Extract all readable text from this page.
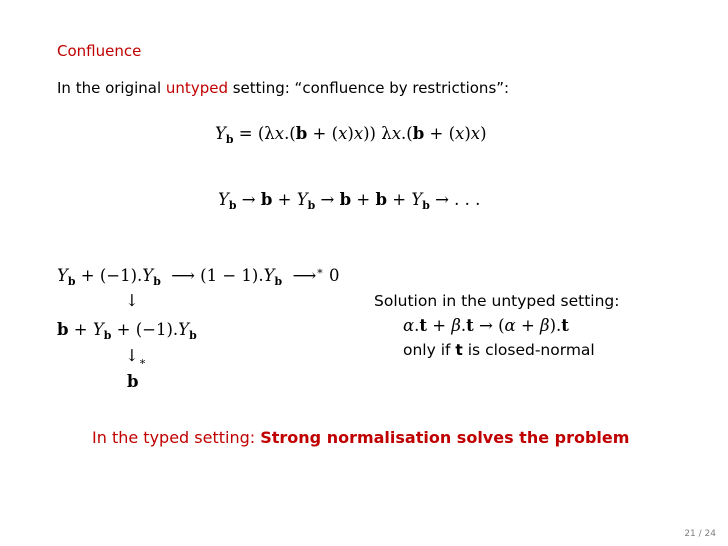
Confluence
In the original untyped setting: “confluence by restrictions”:
$Y_b = (\lambda x.(b + (x)x)) \lambda x.(b + (x)x)$
$Y_b \to b + Y_b \to b + b + Y_b$ → . . .
$Y_b + (-1).Y_b$  ⟶ $(1 - 1).Y_b$  ⟶∗ 0
↓
$b + Y_b + (-1).Y_b$
$↓_∗$
b
Solution in the untyped setting:
α.t + β.t → (α + β).t
only if t is closed-normal
In the typed setting: Strong normalisation solves the problem
21 / 24
